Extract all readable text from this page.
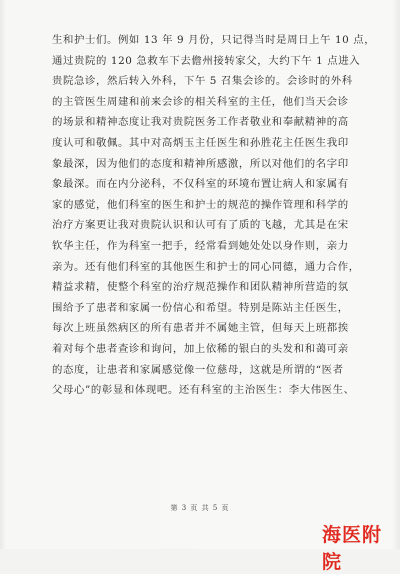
生和护士们。例如 13 年 9 月份，只记得当时是周日上午 10 点，
通过贵院的 120 急救车下去儋州接转家父，大约下午 1 点进入
贵院急诊，然后转入外科，下午 5 召集会诊的。会诊时的外科
的主管医生周建和前来会诊的相关科室的主任，他们当天会诊
的场景和精神态度让我对贵院医务工作者敬业和奉献精神的高
度认可和敬佩。其中对高炳玉主任医生和孙胜花主任医生我印
象最深，因为他们的态度和精神所感激，所以对他们的名字印
象最深。而在内分泌科，不仅科室的环境布置让病人和家属有
家的感觉，他们科室的医生和护士的规范的操作管理和科学的
治疗方案更让我对贵院认识和认可有了质的飞越，尤其是在宋
钦华主任，作为科室一把手，经常看到她处处以身作则，亲力
亲为。还有他们科室的其他医生和护士的同心同德，通力合作，
精益求精，使整个科室的治疗规范操作和团队精神所营造的氛
围给予了患者和家属一份信心和希望。特别是陈站主任医生，
每次上班虽然病区的所有患者并不属她主管，但每天上班都挨
着对每个患者查诊和询问，加上依稀的银白的头发和和蔼可亲
的态度，让患者和家属感觉像一位慈母，这就是所谓的“医者
父母心”的彰显和体现吧。还有科室的主治医生：李大伟医生、
第 3 页 共 5 页
海医附院
